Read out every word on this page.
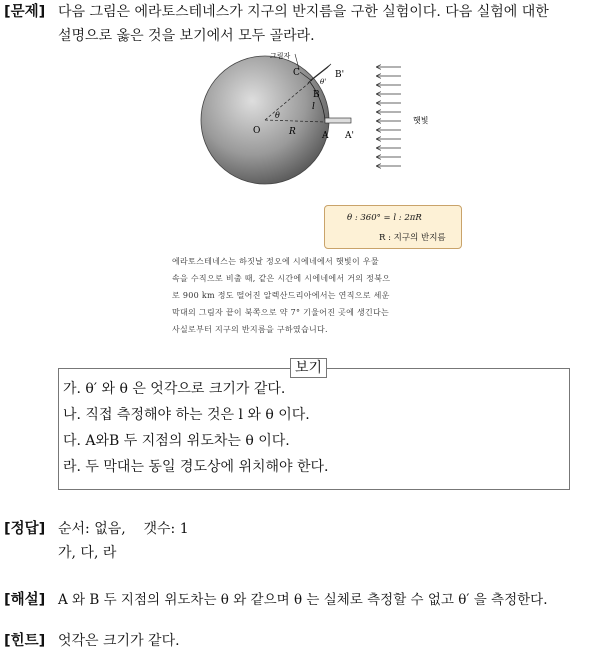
[문제] 다음 그림은 에라토스테네스가 지구의 반지름을 구한 실험이다. 다음 실험에 대한
설명으로 옳은 것을 보기에서 모두 골라라.
그림자
C	B'
θ'
B
l
O
θ
R	A A'
햇빛
θ : 360° = l : 2πR
R : 지구의 반지름
에라토스테네스는 하짓날 정오에 시에네에서 햇빛이 우물
속을 수직으로 비출 때, 같은 시간에 시에네에서 거의 정북으
로 900 km 정도 떨어진 알렉산드리아에서는 연직으로 세운
막대의 그림자 끝이 북쪽으로 약 7° 기울어진 곳에 생긴다는
사실로부터 지구의 반지름을 구하였습니다.
가. θ′ 와 θ 은 엇각으로 크기가 같다.
나. 직접 측정해야 하는 것은 l 와 θ 이다.
다. A와B 두 지점의 위도차는 θ 이다.
라. 두 막대는 동일 경도상에 위치해야 한다.
보기
[정답] 순서: 없음,    갯수: 1
가, 다, 라
[해설] A 와 B 두 지점의 위도차는 θ 와 같으며 θ 는 실체로 측정할 수 없고 θ′ 을 측정한다.
[힌트] 엇각은 크기가 같다.
